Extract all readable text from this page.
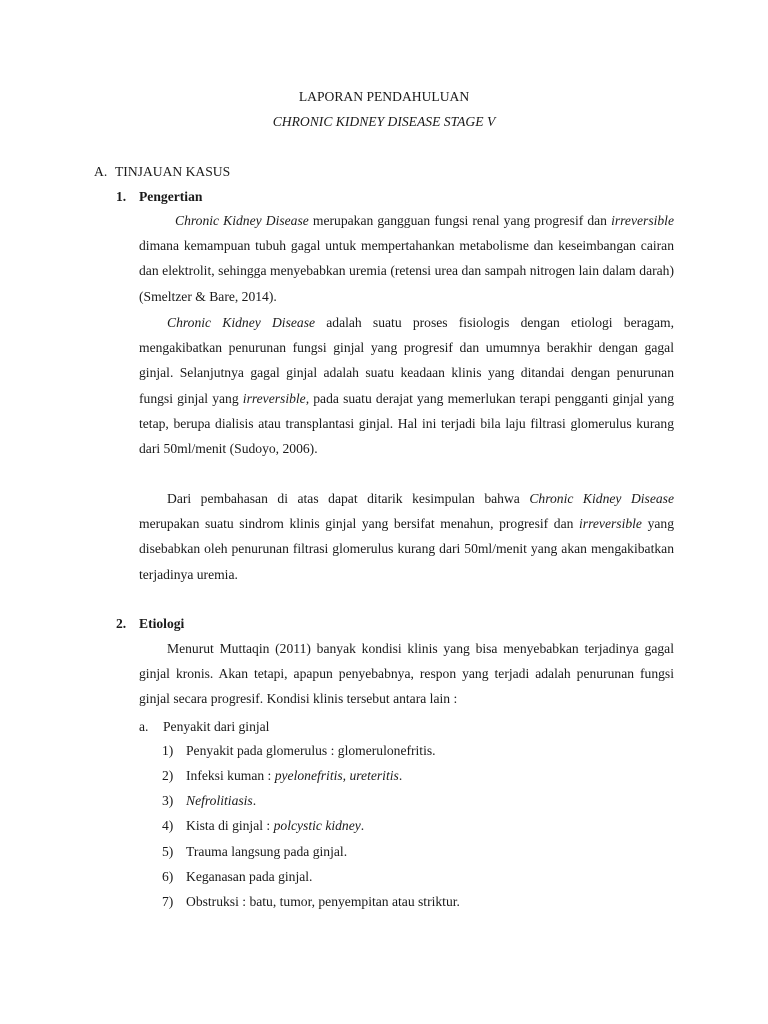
LAPORAN PENDAHULUAN
CHRONIC KIDNEY DISEASE STAGE V
A. TINJAUAN KASUS
1. Pengertian
Chronic Kidney Disease merupakan gangguan fungsi renal yang progresif dan irreversible dimana kemampuan tubuh gagal untuk mempertahankan metabolisme dan keseimbangan cairan dan elektrolit, sehingga menyebabkan uremia (retensi urea dan sampah nitrogen lain dalam darah) (Smeltzer & Bare, 2014).
Chronic Kidney Disease adalah suatu proses fisiologis dengan etiologi beragam, mengakibatkan penurunan fungsi ginjal yang progresif dan umumnya berakhir dengan gagal ginjal. Selanjutnya gagal ginjal adalah suatu keadaan klinis yang ditandai dengan penurunan fungsi ginjal yang irreversible, pada suatu derajat yang memerlukan terapi pengganti ginjal yang tetap, berupa dialisis atau transplantasi ginjal. Hal ini terjadi bila laju filtrasi glomerulus kurang dari 50ml/menit (Sudoyo, 2006).
Dari pembahasan di atas dapat ditarik kesimpulan bahwa Chronic Kidney Disease merupakan suatu sindrom klinis ginjal yang bersifat menahun, progresif dan irreversible yang disebabkan oleh penurunan filtrasi glomerulus kurang dari 50ml/menit yang akan mengakibatkan terjadinya uremia.
2. Etiologi
Menurut Muttaqin (2011) banyak kondisi klinis yang bisa menyebabkan terjadinya gagal ginjal kronis. Akan tetapi, apapun penyebabnya, respon yang terjadi adalah penurunan fungsi ginjal secara progresif. Kondisi klinis tersebut antara lain :
a. Penyakit dari ginjal
1) Penyakit pada glomerulus : glomerulonefritis.
2) Infeksi kuman : pyelonefritis, ureteritis.
3) Nefrolitiasis.
4) Kista di ginjal : polcystic kidney.
5) Trauma langsung pada ginjal.
6) Keganasan pada ginjal.
7) Obstruksi : batu, tumor, penyempitan atau striktur.
